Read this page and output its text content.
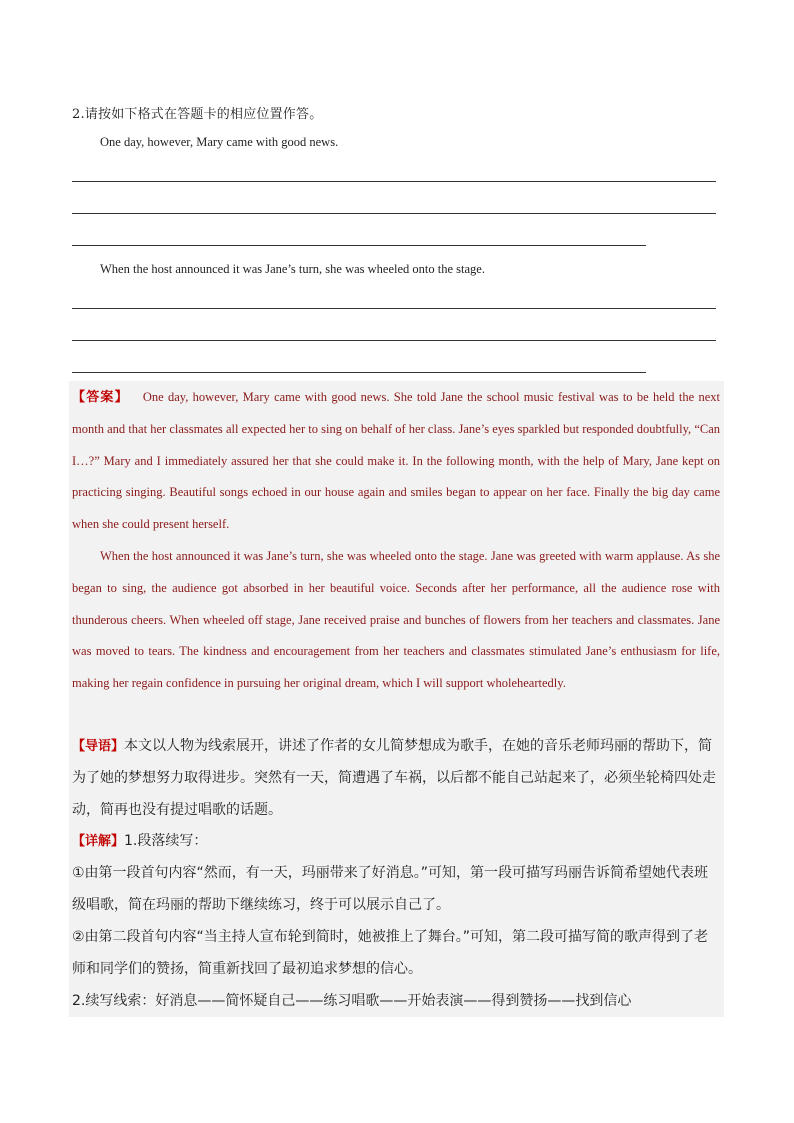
2.请按如下格式在答题卡的相应位置作答。
One day, however, Mary came with good news.
When the host announced it was Jane’s turn, she was wheeled onto the stage.
【答案】 One day, however, Mary came with good news. She told Jane the school music festival was to be held the next month and that her classmates all expected her to sing on behalf of her class. Jane’s eyes sparkled but responded doubtfully, “Can I…?” Mary and I immediately assured her that she could make it. In the following month, with the help of Mary, Jane kept on practicing singing. Beautiful songs echoed in our house again and smiles began to appear on her face. Finally the big day came when she could present herself.
When the host announced it was Jane’s turn, she was wheeled onto the stage. Jane was greeted with warm applause. As she began to sing, the audience got absorbed in her beautiful voice. Seconds after her performance, all the audience rose with thunderous cheers. When wheeled off stage, Jane received praise and bunches of flowers from her teachers and classmates. Jane was moved to tears. The kindness and encouragement from her teachers and classmates stimulated Jane’s enthusiasm for life, making her regain confidence in pursuing her original dream, which I will support wholeheartedly.
【导语】本文以人物为线索展开，讲述了作者的女儿简梦想成为歌手，在她的音乐老师玛丽的帮助下，简为了她的梦想努力取得进步。突然有一天，简遭遇了车祸，以后都不能自己站起来了，必须坐轮椅四处走动，简再也没有提过唱歌的话题。
【详解】1.段落续写：
①由第一段首句内容“然而，有一天，玛丽带来了好消息。”可知，第一段可描写玛丽告诉简希望她代表班级唱歌，简在玛丽的帮助下继续练习，终于可以展示自己了。
②由第二段首句内容“当主持人宣布轮到简时，她被推上了舞台。”可知，第二段可描写简的歌声得到了老师和同学们的赞扬，简重新找回了最初追求梦想的信心。
2.续写线索：好消息——简怀疑自己——练习唱歌——开始表演——得到赞扬——找到信心
